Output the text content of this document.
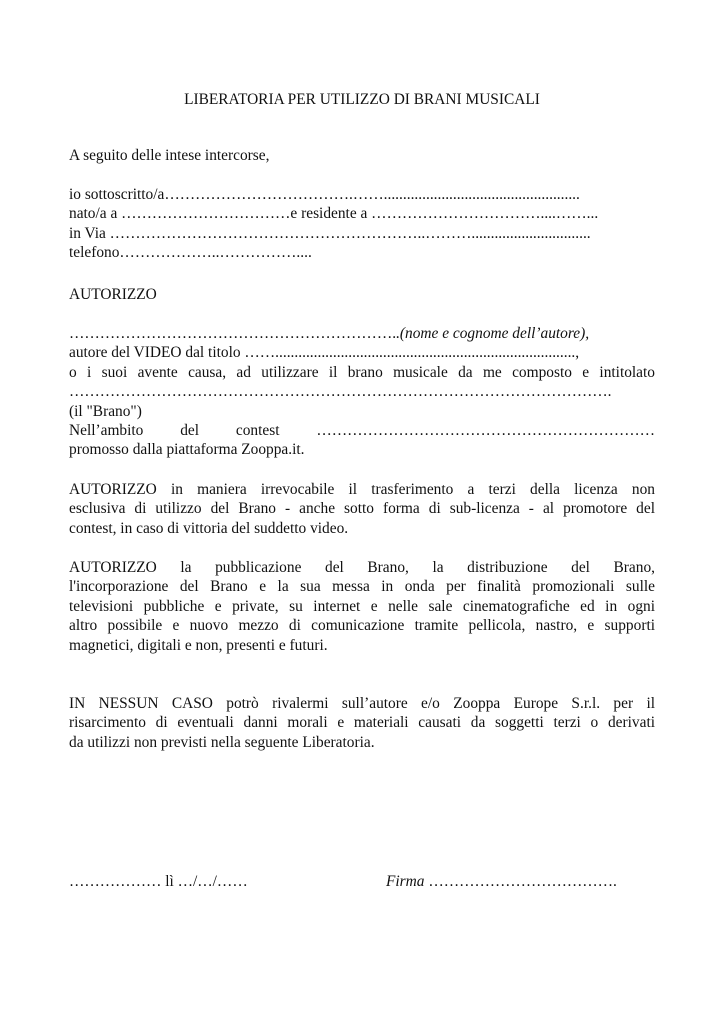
LIBERATORIA PER UTILIZZO DI BRANI MUSICALI
A seguito delle intese intercorse,
io sottoscritto/a……………………………….……...................................................
nato/a a ……………………………e residente a ……………………………....……...
in Via ……………………………………………………..………...............................
telefono………………..……………....
AUTORIZZO
………………………………………………………..(nome e cognome dell’autore),
autore del VIDEO dal titolo ……..............................................................................,
o i suoi avente causa, ad utilizzare il brano musicale da me composto e intitolato
…………………………………………………………………………………………….
(il "Brano")
Nell’ambito del contest …………………………………………………………
promosso dalla piattaforma Zooppa.it.
AUTORIZZO in maniera irrevocabile il trasferimento a terzi della licenza non
esclusiva di utilizzo del Brano - anche sotto forma di sub-licenza - al promotore del
contest, in caso di vittoria del suddetto video.
AUTORIZZO la pubblicazione del Brano, la distribuzione del Brano,
l'incorporazione del Brano e la sua messa in onda per finalità promozionali sulle
televisioni pubbliche e private, su internet e nelle sale cinematografiche ed in ogni
altro possibile e nuovo mezzo di comunicazione tramite pellicola, nastro, e supporti
magnetici, digitali e non, presenti e futuri.
IN NESSUN CASO potrò rivalermi sull’autore e/o Zooppa Europe S.r.l. per il
risarcimento di eventuali danni morali e materiali causati da soggetti terzi o derivati
da utilizzi non previsti nella seguente Liberatoria.
……………… lì …/…/……	Firma ……………………………….
